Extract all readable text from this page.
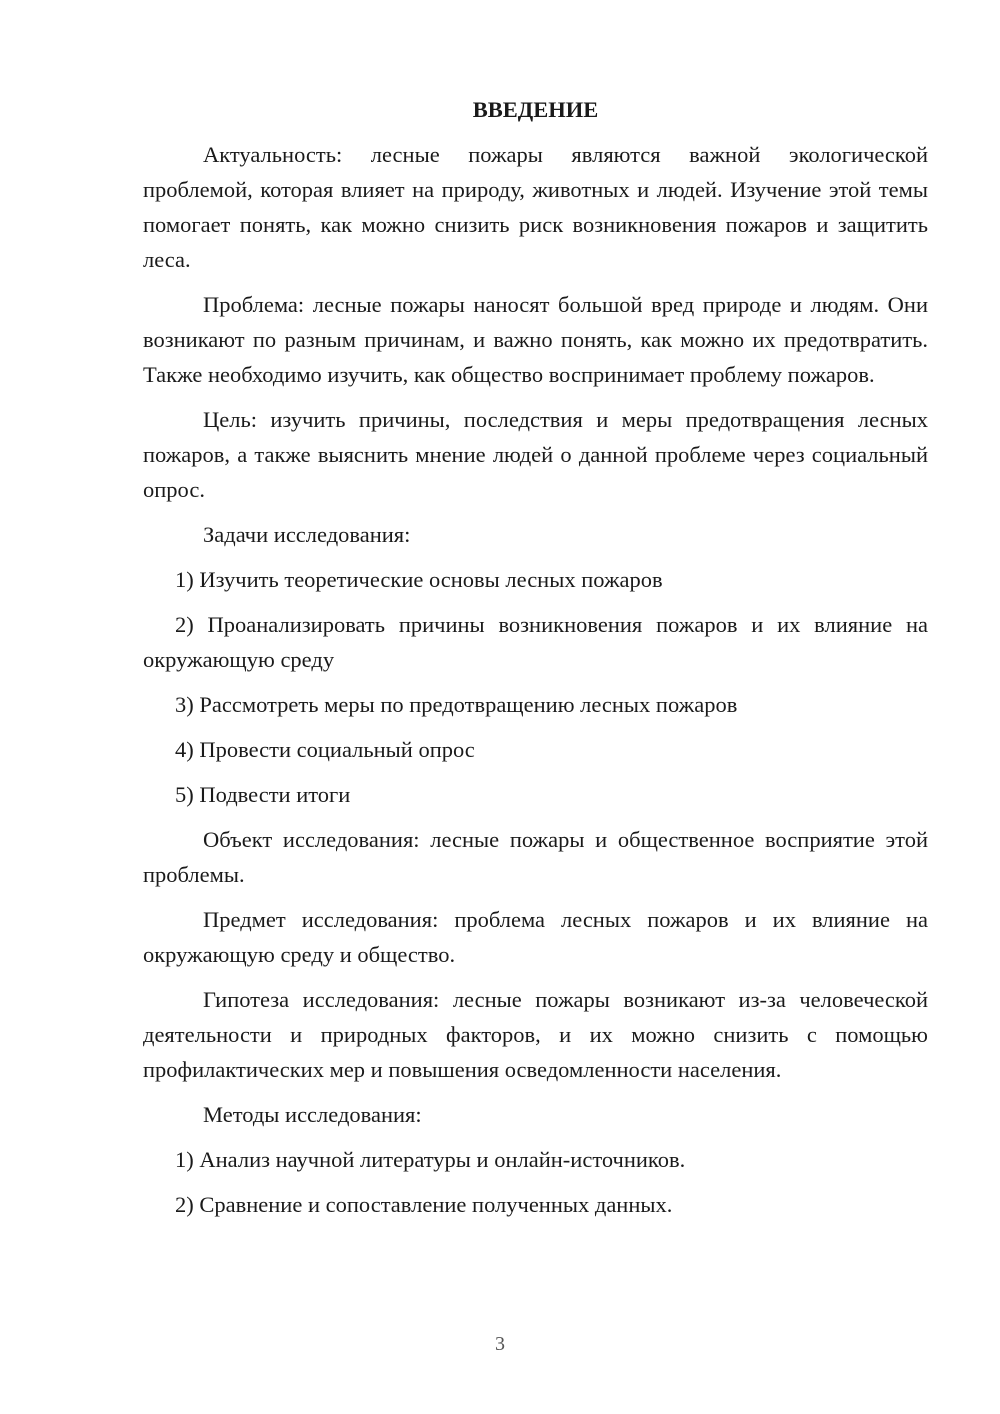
ВВЕДЕНИЕ

Актуальность: лесные пожары являются важной экологической проблемой, которая влияет на природу, животных и людей. Изучение этой темы помогает понять, как можно снизить риск возникновения пожаров и защитить леса.

Проблема: лесные пожары наносят большой вред природе и людям. Они возникают по разным причинам, и важно понять, как можно их предотвратить. Также необходимо изучить, как общество воспринимает проблему пожаров.

Цель: изучить причины, последствия и меры предотвращения лесных пожаров, а также выяснить мнение людей о данной проблеме через социальный опрос.

Задачи исследования:

1) Изучить теоретические основы лесных пожаров

2) Проанализировать причины возникновения пожаров и их влияние на окружающую среду

3) Рассмотреть меры по предотвращению лесных пожаров

4) Провести социальный опрос

5) Подвести итоги

Объект исследования: лесные пожары и общественное восприятие этой проблемы.

Предмет исследования: проблема лесных пожаров и их влияние на окружающую среду и общество.

Гипотеза исследования: лесные пожары возникают из-за человеческой деятельности и природных факторов, и их можно снизить с помощью профилактических мер и повышения осведомленности населения.

Методы исследования:

1) Анализ научной литературы и онлайн-источников.

2) Сравнение и сопоставление полученных данных.

3
